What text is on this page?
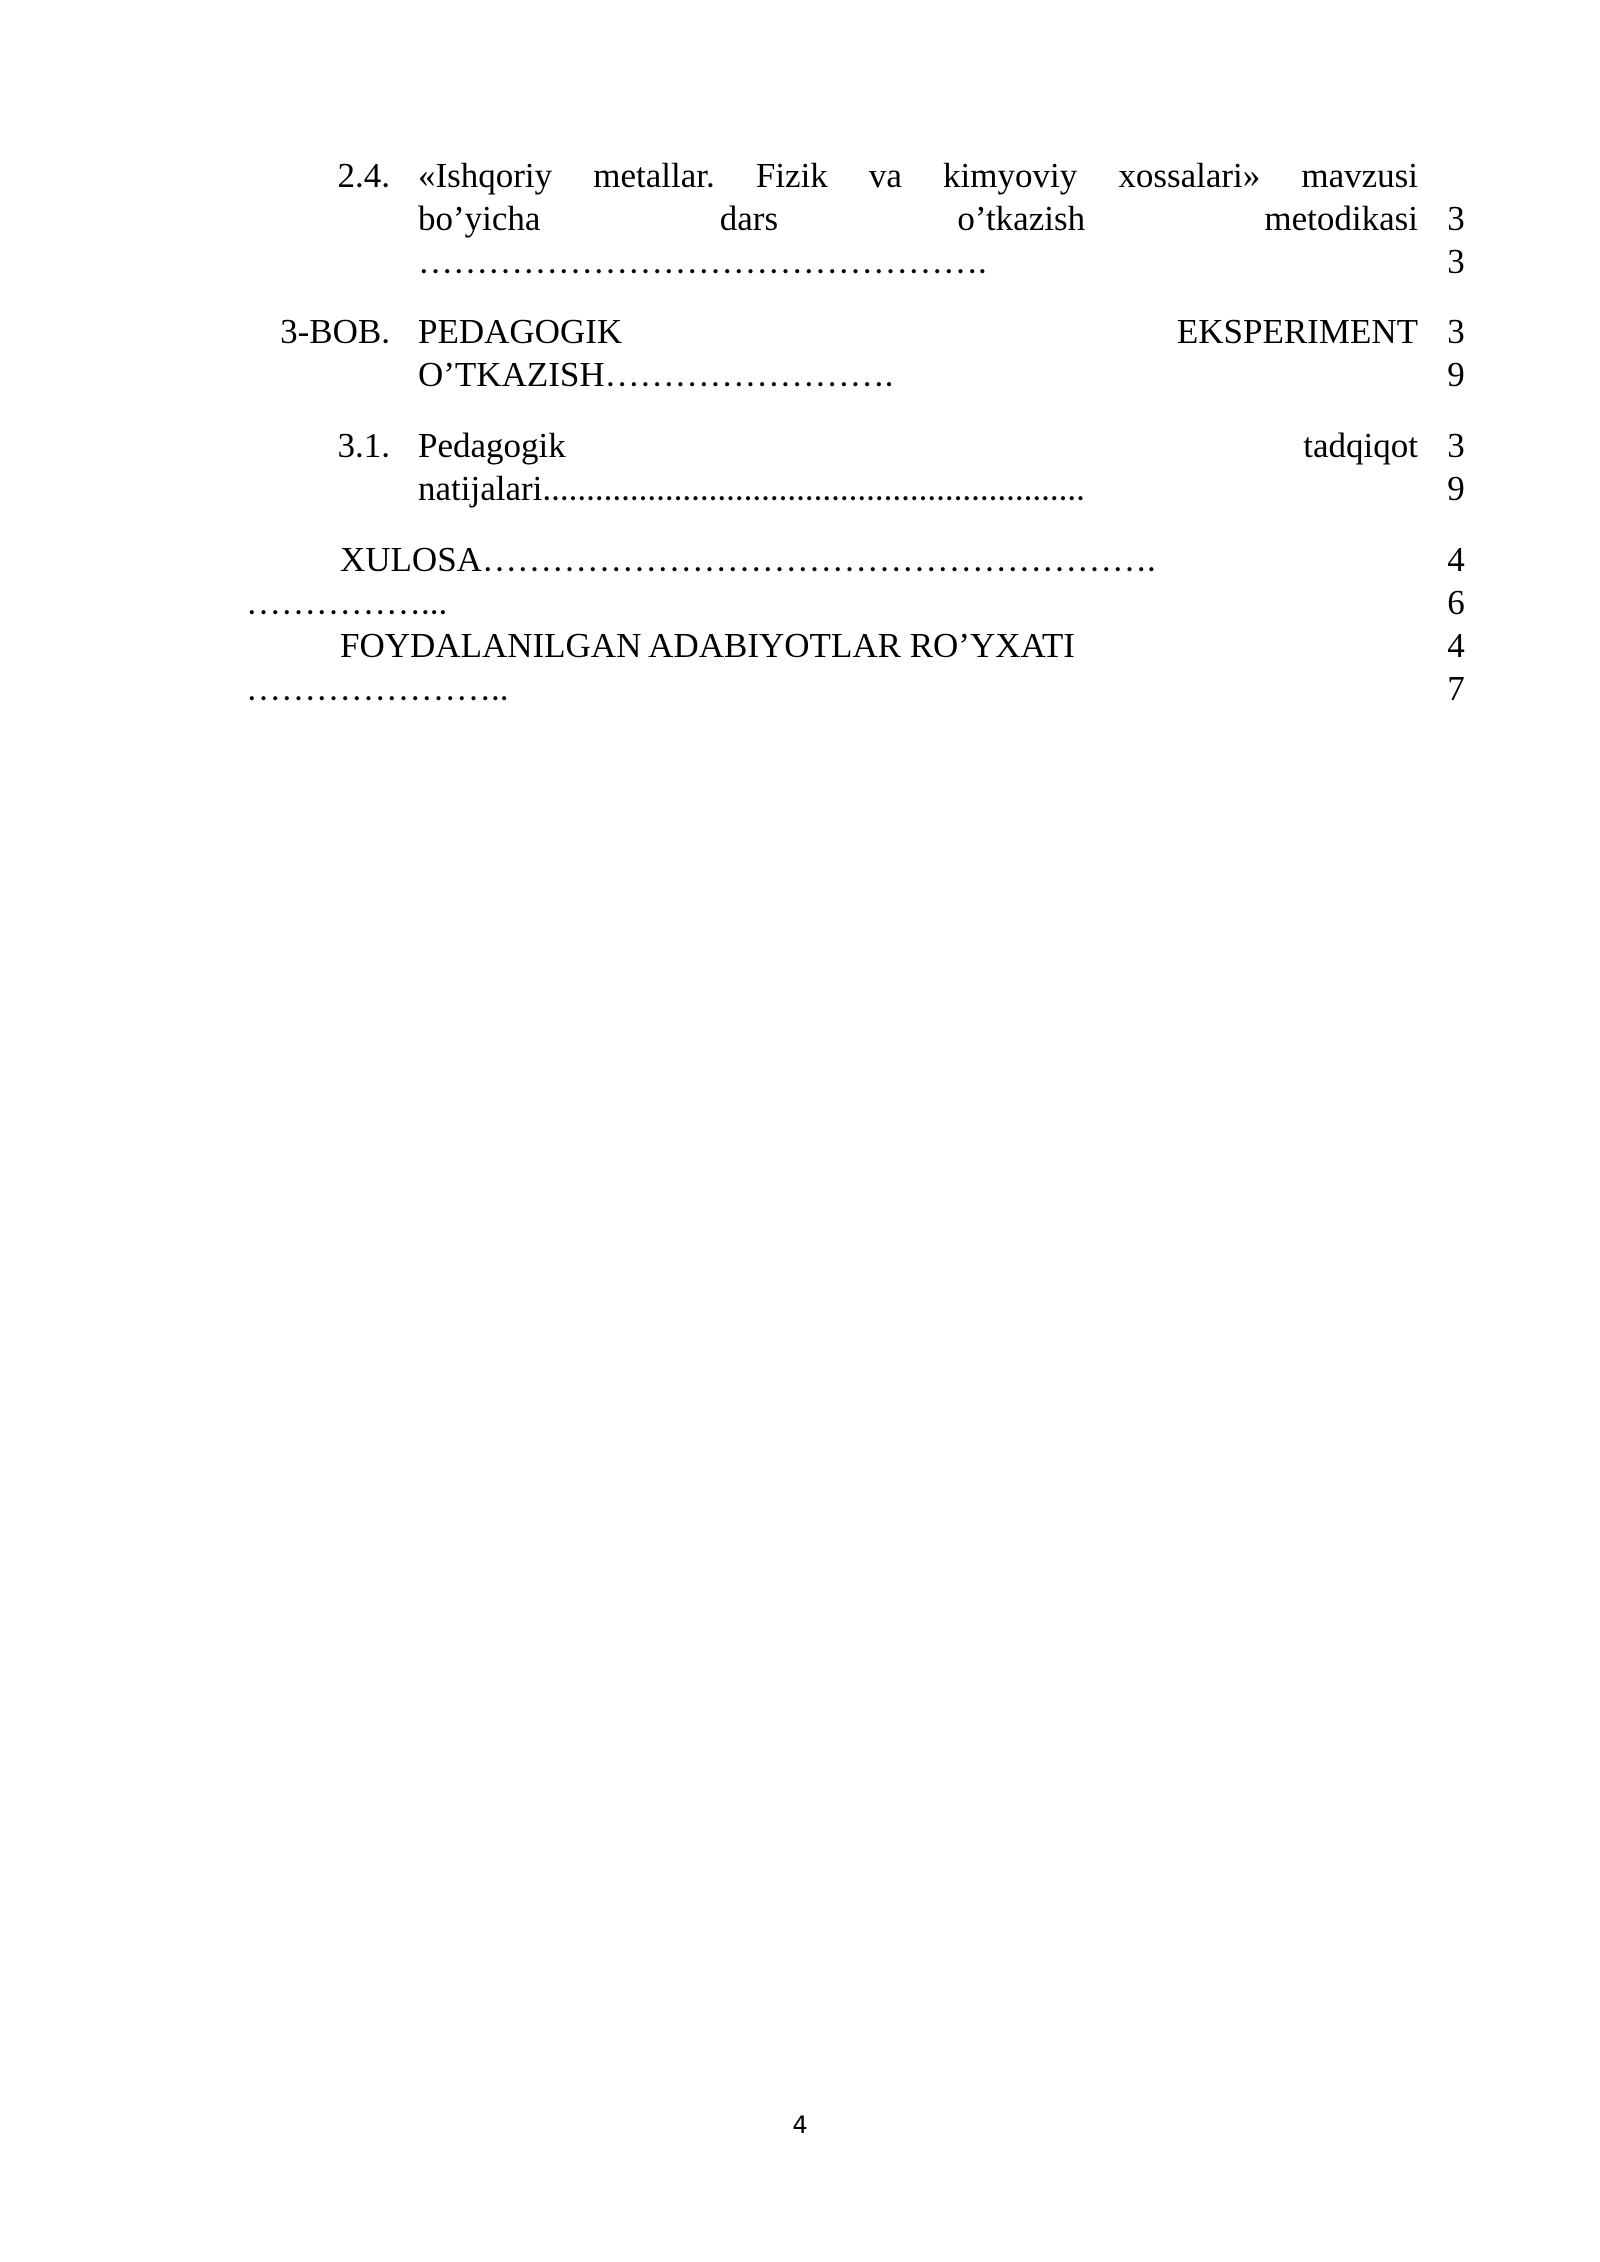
2.4. «Ishqoriy metallar. Fizik va kimyoviy xossalari» mavzusi
bo’yicha dars o’tkazish metodikasi
………………………………………….
3
3
3-BOB. PEDAGOGIK EKSPERIMENT
O’TKAZISH…………………….
3
9
3.1. Pedagogik tadqiqot
natijalari..............................................................
3
9
XULOSA………………………………………………….
……………...
4
6
FOYDALANILGAN ADABIYOTLAR RO’YXATI
…………………..
4
7
4
